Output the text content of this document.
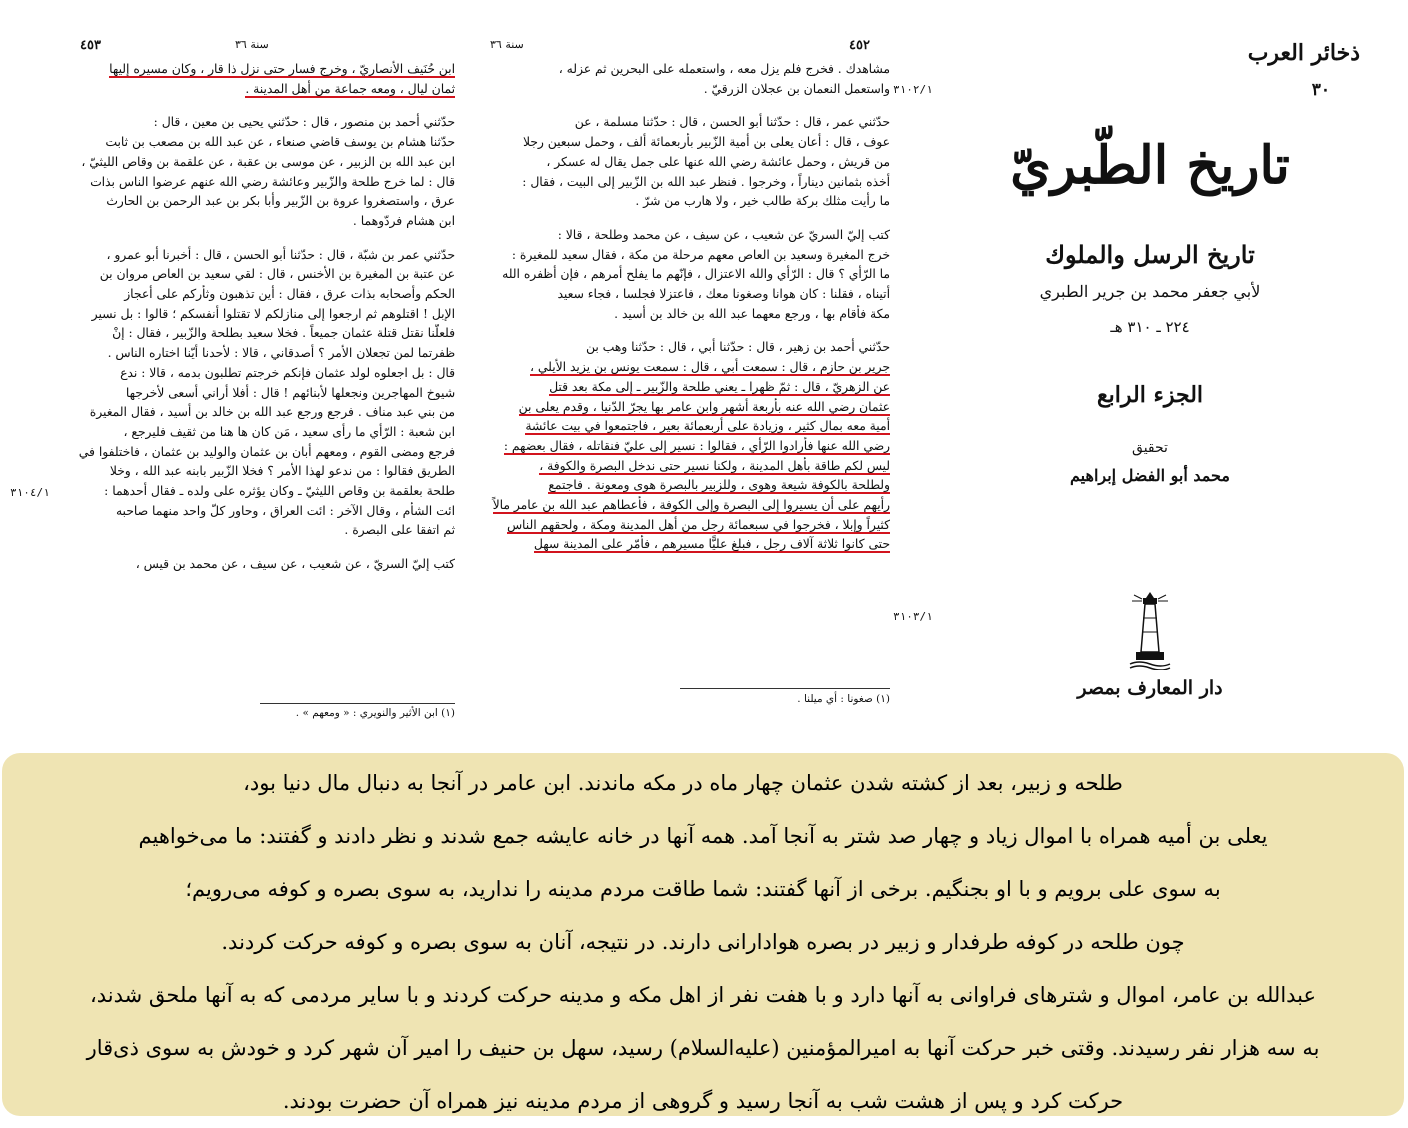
٤٥٣	سنة ٣٦
ابن حُنَيف الأنصاريّ ، وخرج فسار حتى نزل ذا قار ، وكان مسيره إليها
ثمان ليال ، ومعه جماعة من أهل المدينة .
حدّثني أحمد بن منصور ، قال : حدّثني يحيى بن معين ، قال :
حدّثنا هشام بن يوسف قاضي صنعاء ، عن عبد الله بن مصعب بن ثابت
ابن عبد الله بن الزبير ، عن موسى بن عقبة ، عن علقمة بن وقاص الليثيّ ،
قال : لما خرج طلحة والزّبير وعائشة رضي الله عنهم عرضوا الناس بذات
عرق ، واستصغروا عروة بن الزّبير وأبا بكر بن عبد الرحمن بن الحارث
ابن هشام فردّوهما .
حدّثني عمر بن شبّة ، قال : حدّثنا أبو الحسن ، قال : أخبرنا أبو عمرو ،
عن عتبة بن المغيرة بن الأخنس ، قال : لقي سعيد بن العاص مروان بن
الحكم وأصحابه بذات عرق ، فقال : أين تذهبون وثأركم على أعجاز
الإبل ! اقتلوهم ثم ارجعوا إلى منازلكم لا تقتلوا أنفسكم ؛ قالوا : بل نسير
فلعلّنا نقتل قتلة عثمان جميعاً . فخلا سعيد بطلحة والزّبير ، فقال : إنْ
ظفرتما لمن تجعلان الأمر ؟ أصدقاني ، قالا : لأحدنا أيّنا اختاره الناس .
قال : بل اجعلوه لولد عثمان فإنكم خرجتم تطلبون بدمه ، قالا : ندع
شيوخ المهاجرين ونجعلها لأبنائهم ! قال : أفلا أراني أسعى لأخرجها
من بني عبد مناف . فرجع ورجع عبد الله بن خالد بن أسيد ، فقال المغيرة
ابن شعبة : الرّأي ما رأى سعيد ، مَن كان ها هنا من ثقيف فليرجع ،
فرجع ومضى القوم ، ومعهم أبان بن عثمان والوليد بن عثمان ، فاختلفوا في
الطريق فقالوا : من ندعو لهذا الأمر ؟ فخلا الزّبير بابنه عبد الله ، وخلا
طلحة بعلقمة بن وقاص الليثيّ ـ وكان يؤثره على ولده ـ فقال أحدهما :
ائت الشأم ، وقال الآخر : ائت العراق ، وحاور كلّ واحد منهما صاحبه
ثم اتفقا على البصرة .
كتب إليّ السريّ ، عن شعيب ، عن سيف ، عن محمد بن قيس ،
(١) ابن الأثير والنويري : « ومعهم » .
٣١٠٤/١
سنة ٣٦	٤٥٢
مشاهدك . فخرج فلم يزل معه ، واستعمله على البحرين ثم عزله ،
واستعمل النعمان بن عجلان الزرقيّ .
حدّثني عمر ، قال : حدّثنا أبو الحسن ، قال : حدّثنا مسلمة ، عن
عوف ، قال : أعان يعلى بن أمية الزّبير بأربعمائة ألف ، وحمل سبعين رجلا
من قريش ، وحمل عائشة رضي الله عنها على جمل يقال له عسكر ،
أخذه بثمانين ديناراً ، وخرجوا . فنظر عبد الله بن الزّبير إلى البيت ، فقال :
ما رأيت مثلك بركة طالب خير ، ولا هارب من شرّ .
كتب إليّ السريّ عن شعيب ، عن سيف ، عن محمد وطلحة ، قالا :
خرج المغيرة وسعيد بن العاص معهم مرحلة من مكة ، فقال سعيد للمغيرة :
ما الرّأي ؟ قال : الرّأي والله الاعتزال ، فإنّهم ما يفلح أمرهم ، فإن أظفره الله
أتيناه ، فقلنا : كان هوانا وصغونا معك ، فاعتزلا فجلسا ، فجاء سعيد
مكة فأقام بها ، ورجع معهما عبد الله بن خالد بن أسيد .
حدّثني أحمد بن زهير ، قال : حدّثنا أبي ، قال : حدّثنا وهب بن
جرير بن حازم ، قال : سمعت أبي ، قال : سمعت يونس بن يزيد الأيلي ،
عن الزهريّ ، قال : ثمّ ظهرا ـ يعني طلحة والزّبير ـ إلى مكة بعد قتل
عثمان رضي الله عنه بأربعة أشهر وابن عامر بها يجرّ الدّنيا ، وقدم يعلى بن
أمية معه بمال كثير ، وزيادة على أربعمائة بعير ، فاجتمعوا في بيت عائشة
رضي الله عنها فأرادوا الرّأي ، فقالوا : نسير إلى عليّ فنقاتله ، فقال بعضهم :
ليس لكم طاقة بأهل المدينة ، ولكنا نسير حتى ندخل البصرة والكوفة ،
ولطلحة بالكوفة شيعة وهوى ، وللزبير بالبصرة هوى ومعونة . فاجتمع
رأيهم على أن يسيروا إلى البصرة وإلى الكوفة ، فأعطاهم عبد الله بن عامر مالاً
كثيراً وإبلا ، فخرجوا في سبعمائة رجل من أهل المدينة ومكة ، ولحقهم الناس
حتى كانوا ثلاثة آلاف رجل ، فبلغ عليًّا مسيرهم ، فأمّر على المدينة سهل
(١) صغونا : أي ميلنا .
٣١٠٢/١
٣١٠٣/١
ذخائر العرب
٣٠
تاريخ الطّبريّ
تاريخ الرسل والملوك
لأبي جعفر محمد بن جرير الطبري
٢٢٤ ـ ٣١٠ هـ
الجزء الرابع
تحقيق
محمد أبو الفضل إبراهيم
دار المعارف بمصر
طلحه و زبیر، بعد از کشته شدن عثمان چهار ماه در مکه ماندند. ابن عامر در آنجا به دنبال مال دنیا بود،
یعلی بن أمیه همراه با اموال زیاد و چهار صد شتر به آنجا آمد. همه آنها در خانه عایشه جمع شدند و نظر دادند و گفتند: ما می‌خواهیم
به سوی علی برویم و با او بجنگیم. برخی از آنها گفتند: شما طاقت مردم مدینه را ندارید، به سوی بصره و کوفه می‌رویم؛
چون طلحه در کوفه طرفدار و زبیر در بصره هوادارانی دارند. در نتیجه، آنان به سوی بصره و کوفه حرکت کردند.
عبدالله بن عامر، اموال و شترهای فراوانی به آنها دارد و با هفت نفر از اهل مکه و مدینه حرکت کردند و با سایر مردمی که به آنها ملحق شدند،
به سه هزار نفر رسیدند. وقتی خبر حرکت آنها به امیرالمؤمنین (علیه‌السلام) رسید، سهل بن حنیف را امیر آن شهر کرد و خودش به سوی ذی‌قار
حرکت کرد و پس از هشت شب به آنجا رسید و گروهی از مردم مدینه نیز همراه آن حضرت بودند.
